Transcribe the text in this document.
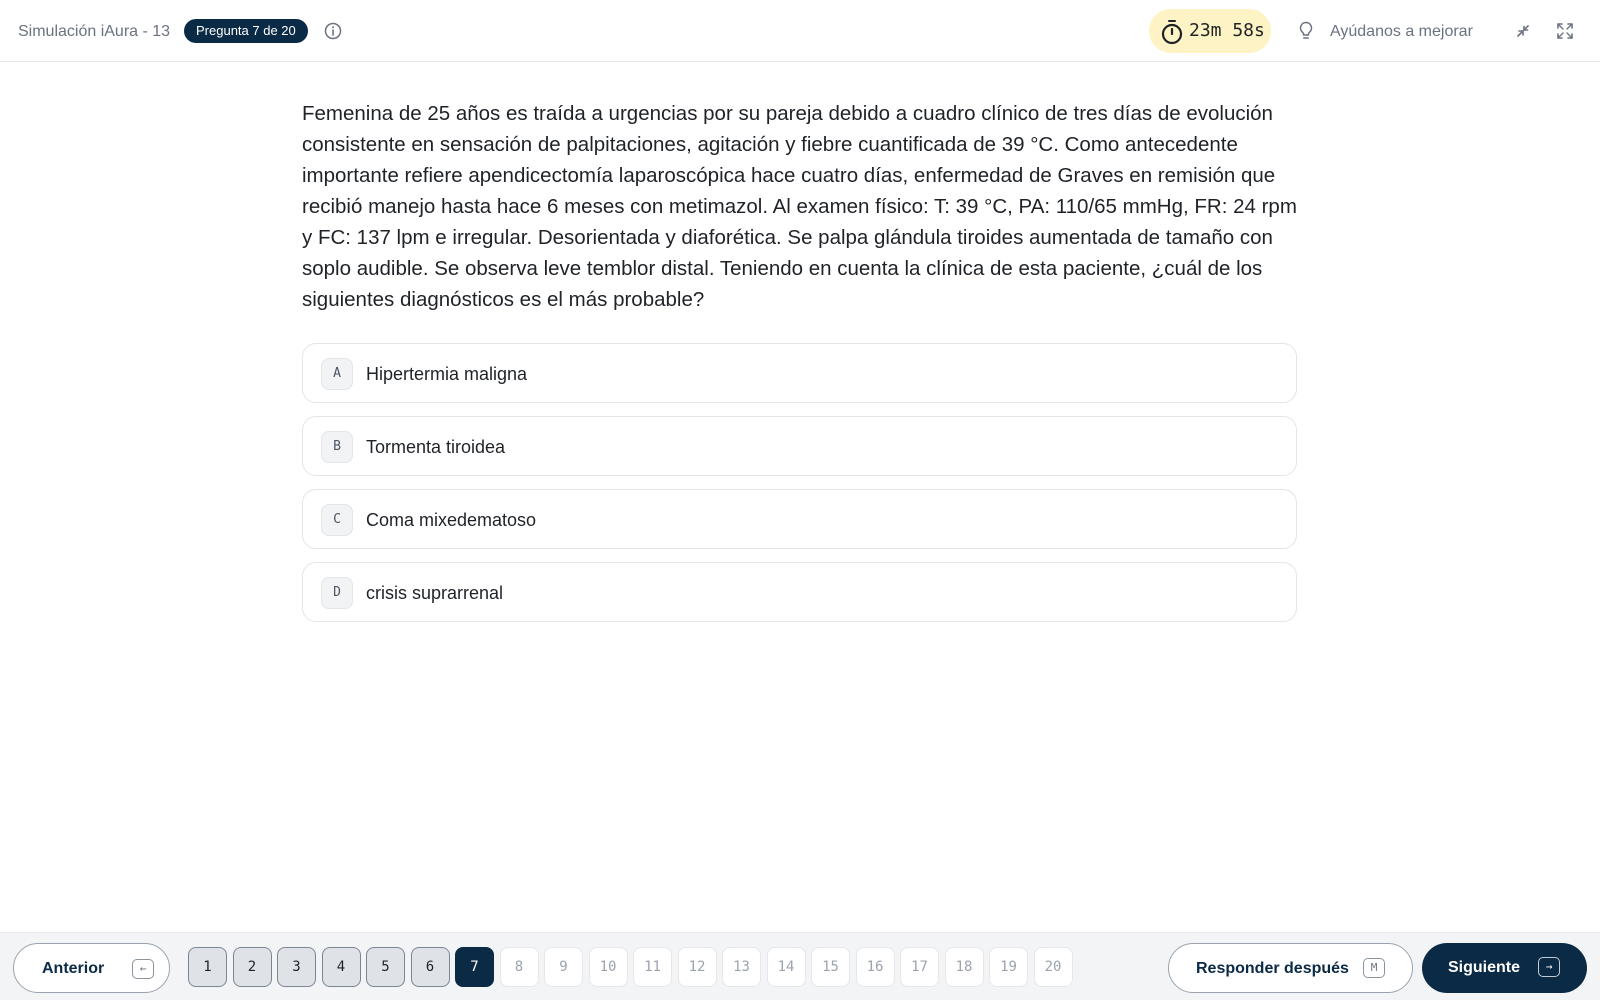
Simulación iAura - 13	Pregunta 7 de 20	23m 58s	Ayúdanos a mejorar

Femenina de 25 años es traída a urgencias por su pareja debido a cuadro clínico de tres días de evolución consistente en sensación de palpitaciones, agitación y fiebre cuantificada de 39 °C. Como antecedente importante refiere apendicectomía laparoscópica hace cuatro días, enfermedad de Graves en remisión que recibió manejo hasta hace 6 meses con metimazol. Al examen físico: T: 39 °C, PA: 110/65 mmHg, FR: 24 rpm y FC: 137 lpm e irregular. Desorientada y diaforética. Se palpa glándula tiroides aumentada de tamaño con soplo audible. Se observa leve temblor distal. Teniendo en cuenta la clínica de esta paciente, ¿cuál de los siguientes diagnósticos es el más probable?

A	Hipertermia maligna
B	Tormenta tiroidea
C	Coma mixedematoso
D	crisis suprarrenal
Anterior	←	1	2	3	4	5	6	7	8	9	10	11	12	13	14	15	16	17	18	19	20	Responder después	M	Siguiente	→
